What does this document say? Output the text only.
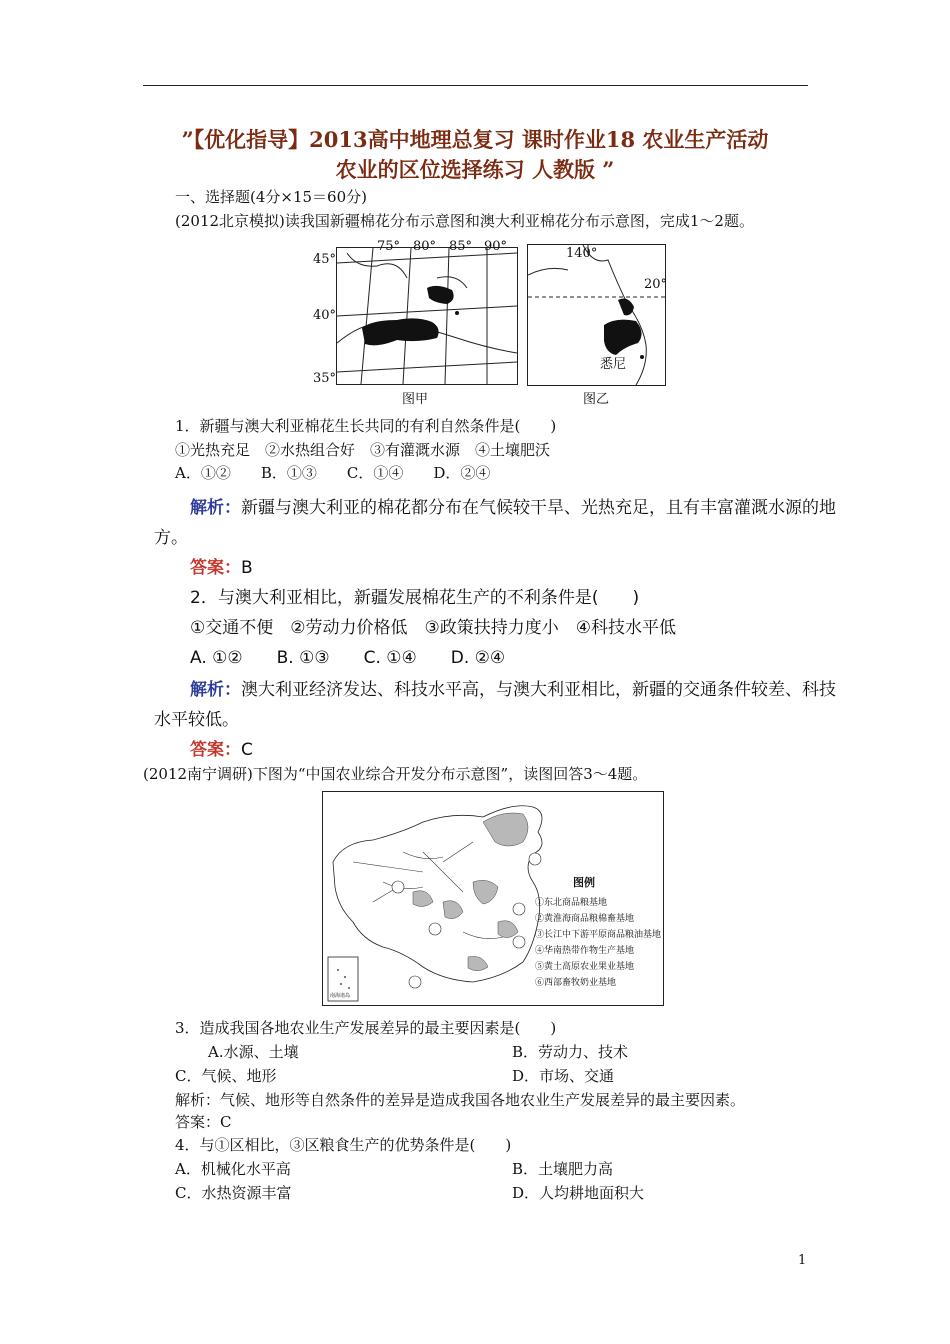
”【优化指导】2013高中地理总复习 课时作业18 农业生产活动
农业的区位选择练习 人教版 ”
一、选择题(4分×15＝60分)
(2012北京模拟)读我国新疆棉花分布示意图和澳大利亚棉花分布示意图，完成1～2题。
75° 80° 85° 90°
45°
40°
35°
图甲
140°
20°
悉尼
图乙
1．新疆与澳大利亚棉花生长共同的有利自然条件是(　　)
①光热充足　②水热组合好　③有灌溉水源　④土壤肥沃
A．①②　　B．①③　　C．①④　　D．②④
解析：新疆与澳大利亚的棉花都分布在气候较干旱、光热充足，且有丰富灌溉水源的地
方。
答案：B
2．与澳大利亚相比，新疆发展棉花生产的不利条件是(　　)
①交通不便　②劳动力价格低　③政策扶持力度小　④科技水平低
A. ①②　　B. ①③　　C. ①④　　D. ②④
解析：澳大利亚经济发达、科技水平高，与澳大利亚相比，新疆的交通条件较差、科技
水平较低。
答案：C
(2012南宁调研)下图为“中国农业综合开发分布示意图”，读图回答3～4题。
图例
①东北商品粮基地
②黄淮海商品粮棉畜基地
③长江中下游平原商品粮油基地
④华南热带作物生产基地
⑤黄土高原农业果业基地
⑥西部畜牧奶业基地
南海诸岛
3．造成我国各地农业生产发展差异的最主要因素是(　　)
A.水源、土壤	B．劳动力、技术
C．气候、地形	D．市场、交通
解析：气候、地形等自然条件的差异是造成我国各地农业生产发展差异的最主要因素。
答案：C
4．与①区相比，③区粮食生产的优势条件是(　　)
A．机械化水平高	B．土壤肥力高
C．水热资源丰富	D．人均耕地面积大
1
